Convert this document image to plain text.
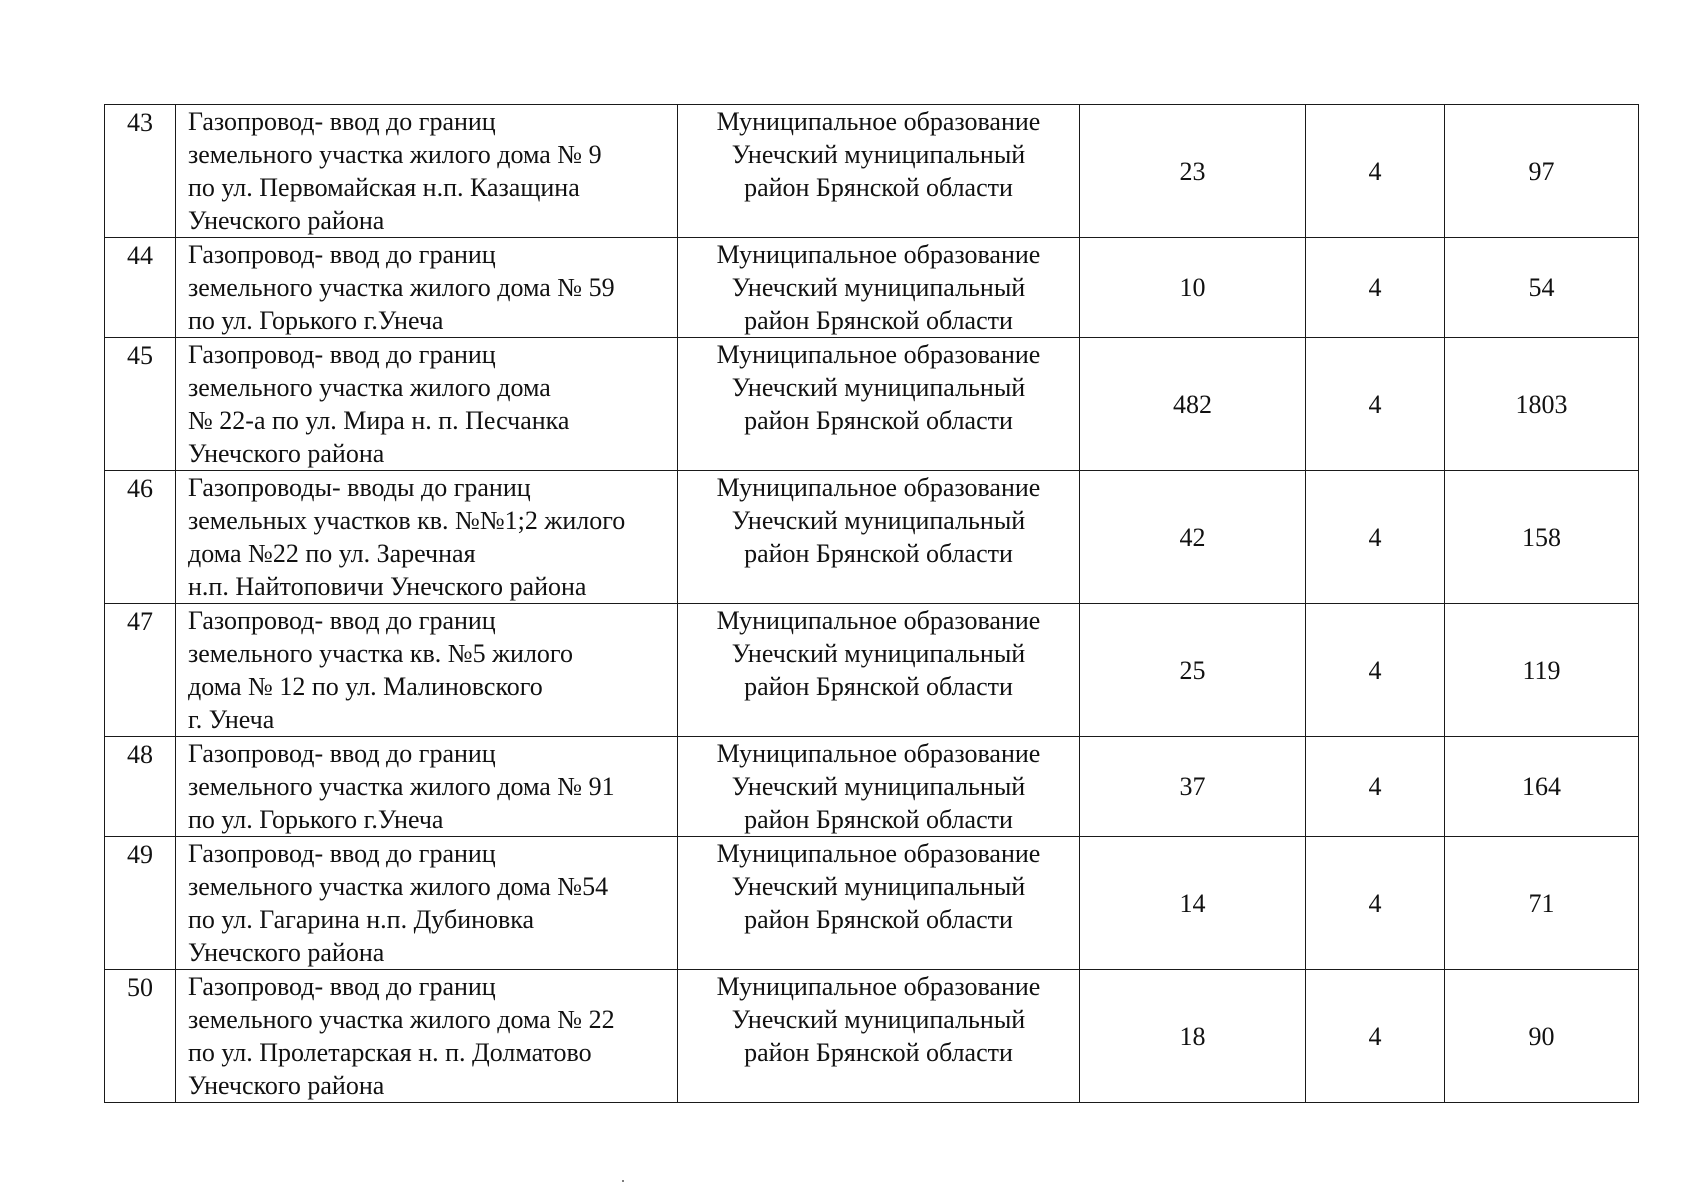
43	Газопровод- ввод до границ
земельного участка жилого дома № 9
по ул. Первомайская н.п. Казащина
Унечского района	Муниципальное образование
Унечский муниципальный
район Брянской области	23	4	97
44	Газопровод- ввод до границ
земельного участка жилого дома № 59
по ул. Горького г.Унеча	Муниципальное образование
Унечский муниципальный
район Брянской области	10	4	54
45	Газопровод- ввод до границ
земельного участка жилого дома
№ 22-а по ул. Мира н. п. Песчанка
Унечского района	Муниципальное образование
Унечский муниципальный
район Брянской области	482	4	1803
46	Газопроводы- вводы до границ
земельных участков кв. №№1;2 жилого
дома №22 по ул. Заречная
н.п. Найтоповичи Унечского района	Муниципальное образование
Унечский муниципальный
район Брянской области	42	4	158
47	Газопровод- ввод до границ
земельного участка кв. №5 жилого
дома № 12 по ул. Малиновского
г. Унеча	Муниципальное образование
Унечский муниципальный
район Брянской области	25	4	119
48	Газопровод- ввод до границ
земельного участка жилого дома № 91
по ул. Горького г.Унеча	Муниципальное образование
Унечский муниципальный
район Брянской области	37	4	164
49	Газопровод- ввод до границ
земельного участка жилого дома №54
по ул. Гагарина н.п. Дубиновка
Унечского района	Муниципальное образование
Унечский муниципальный
район Брянской области	14	4	71
50	Газопровод- ввод до границ
земельного участка жилого дома № 22
по ул. Пролетарская н. п. Долматово
Унечского района	Муниципальное образование
Унечский муниципальный
район Брянской области	18	4	90
